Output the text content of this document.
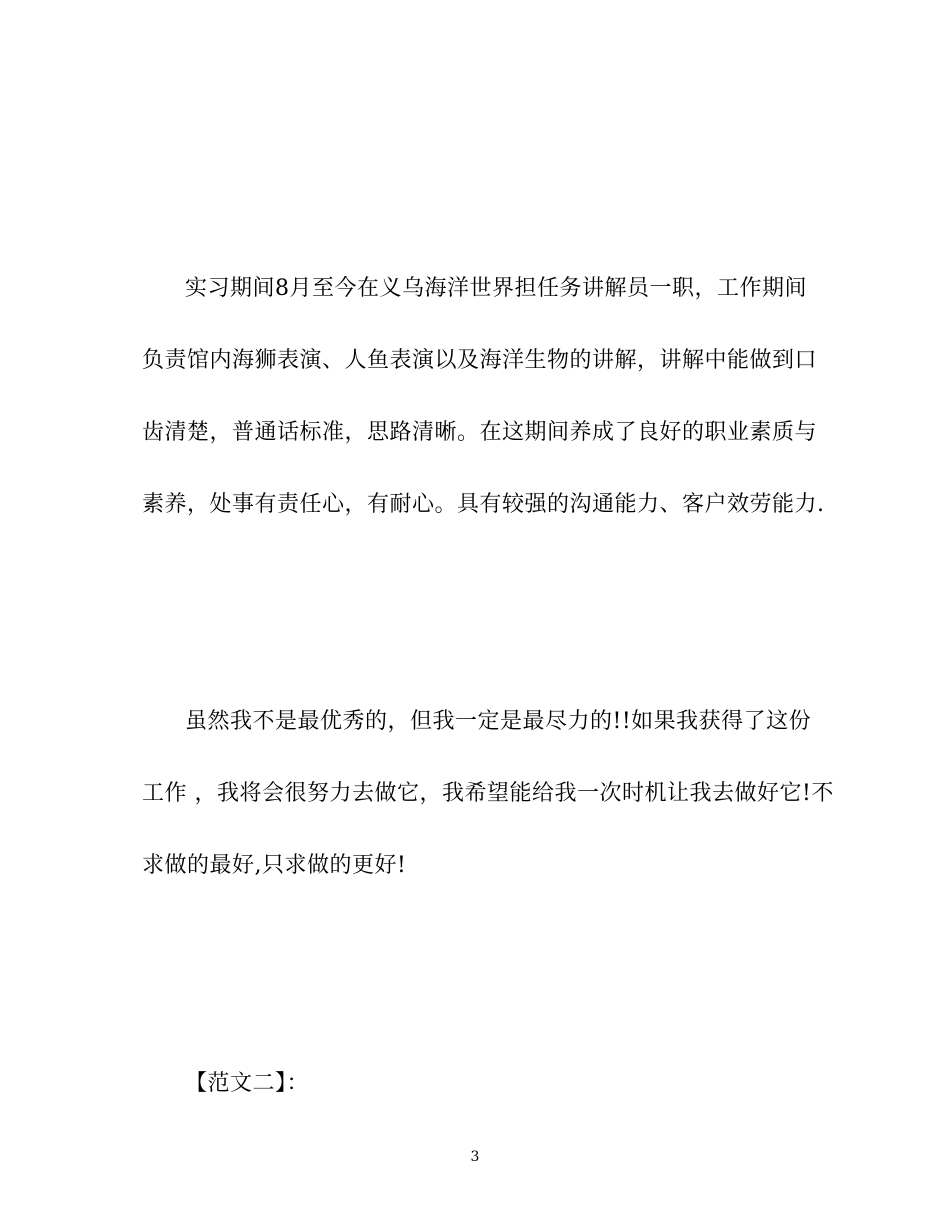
实习期间8月至今在义乌海洋世界担任务讲解员一职，工作期间
负责馆内海狮表演、人鱼表演以及海洋生物的讲解，讲解中能做到口
齿清楚，普通话标准，思路清晰。在这期间养成了良好的职业素质与
素养，处事有责任心，有耐心。具有较强的沟通能力、客户效劳能力.
虽然我不是最优秀的，但我一定是最尽力的!!如果我获得了这份
工作 ，我将会很努力去做它，我希望能给我一次时机让我去做好它!不
求做的最好,只求做的更好!
【范文二】：
3
